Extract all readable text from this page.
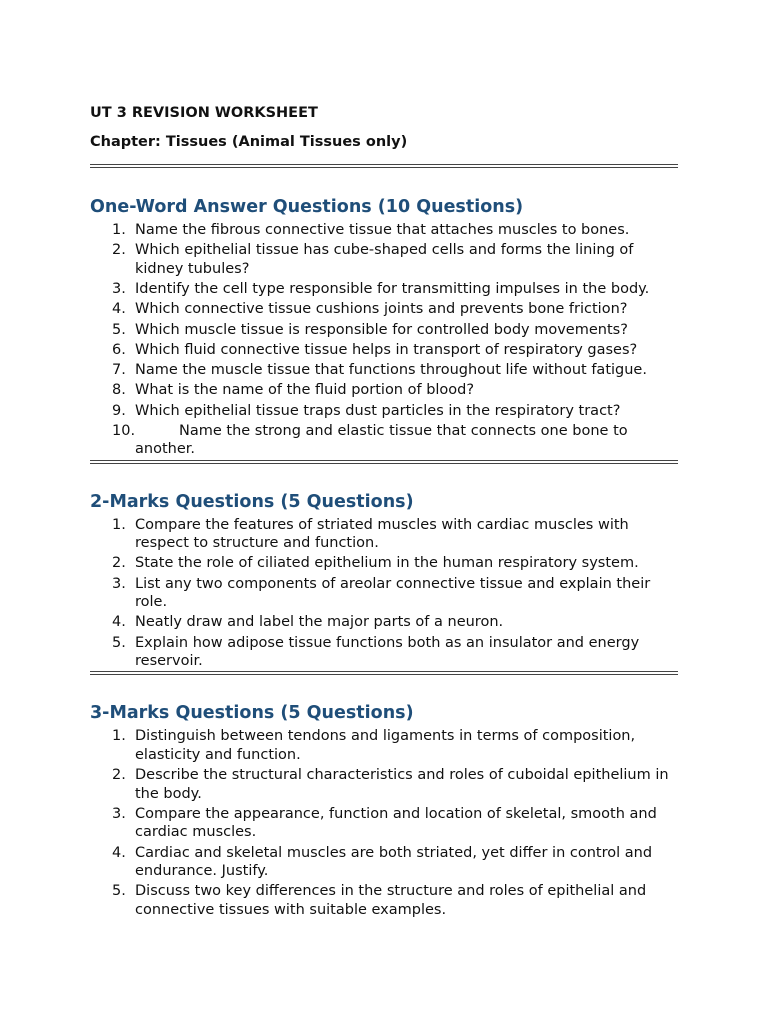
UT 3 REVISION WORKSHEET

Chapter: Tissues (Animal Tissues only)

One-Word Answer Questions (10 Questions)
1. Name the fibrous connective tissue that attaches muscles to bones.
2. Which epithelial tissue has cube-shaped cells and forms the lining of kidney tubules?
3. Identify the cell type responsible for transmitting impulses in the body.
4. Which connective tissue cushions joints and prevents bone friction?
5. Which muscle tissue is responsible for controlled body movements?
6. Which fluid connective tissue helps in transport of respiratory gases?
7. Name the muscle tissue that functions throughout life without fatigue.
8. What is the name of the fluid portion of blood?
9. Which epithelial tissue traps dust particles in the respiratory tract?
10.	Name the strong and elastic tissue that connects one bone to another.
2-Marks Questions (5 Questions)
1. Compare the features of striated muscles with cardiac muscles with respect to structure and function.
2. State the role of ciliated epithelium in the human respiratory system.
3. List any two components of areolar connective tissue and explain their role.
4. Neatly draw and label the major parts of a neuron.
5. Explain how adipose tissue functions both as an insulator and energy reservoir.
3-Marks Questions (5 Questions)
1. Distinguish between tendons and ligaments in terms of composition, elasticity and function.
2. Describe the structural characteristics and roles of cuboidal epithelium in the body.
3. Compare the appearance, function and location of skeletal, smooth and cardiac muscles.
4. Cardiac and skeletal muscles are both striated, yet differ in control and endurance. Justify.
5. Discuss two key differences in the structure and roles of epithelial and connective tissues with suitable examples.
